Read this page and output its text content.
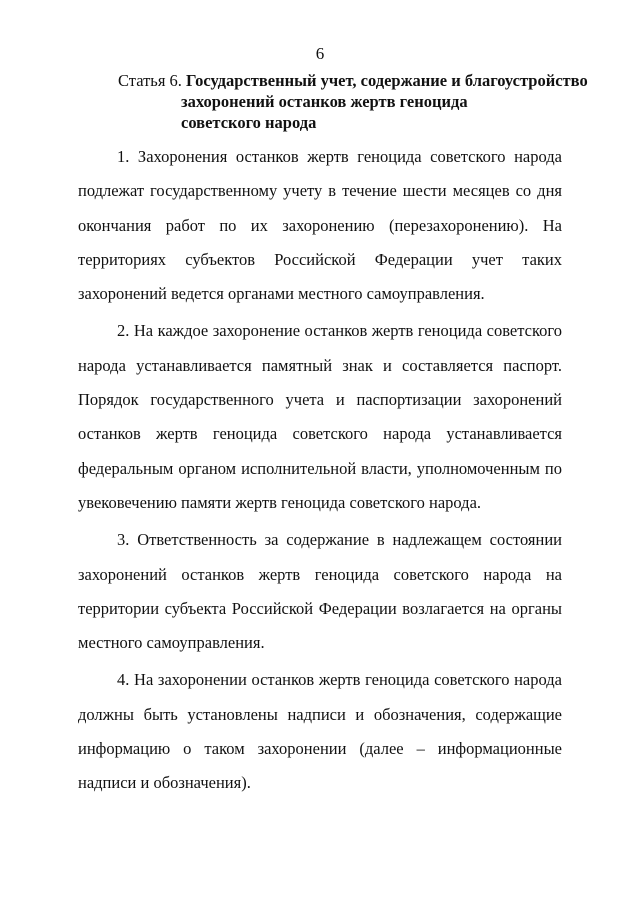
6
Статья 6. Государственный учет, содержание и благоустройство
захоронений останков жертв геноцида
советского народа

1. Захоронения останков жертв геноцида советского народа подлежат государственному учету в течение шести месяцев со дня окончания работ по их захоронению (перезахоронению). На территориях субъектов Российской Федерации учет таких захоронений ведется органами местного самоуправления.

2. На каждое захоронение останков жертв геноцида советского народа устанавливается памятный знак и составляется паспорт. Порядок государственного учета и паспортизации захоронений останков жертв геноцида советского народа устанавливается федеральным органом исполнительной власти, уполномоченным по увековечению памяти жертв геноцида советского народа.

3. Ответственность за содержание в надлежащем состоянии захоронений останков жертв геноцида советского народа на территории субъекта Российской Федерации возлагается на органы местного самоуправления.

4. На захоронении останков жертв геноцида советского народа должны быть установлены надписи и обозначения, содержащие информацию о таком захоронении (далее – информационные надписи и обозначения).
